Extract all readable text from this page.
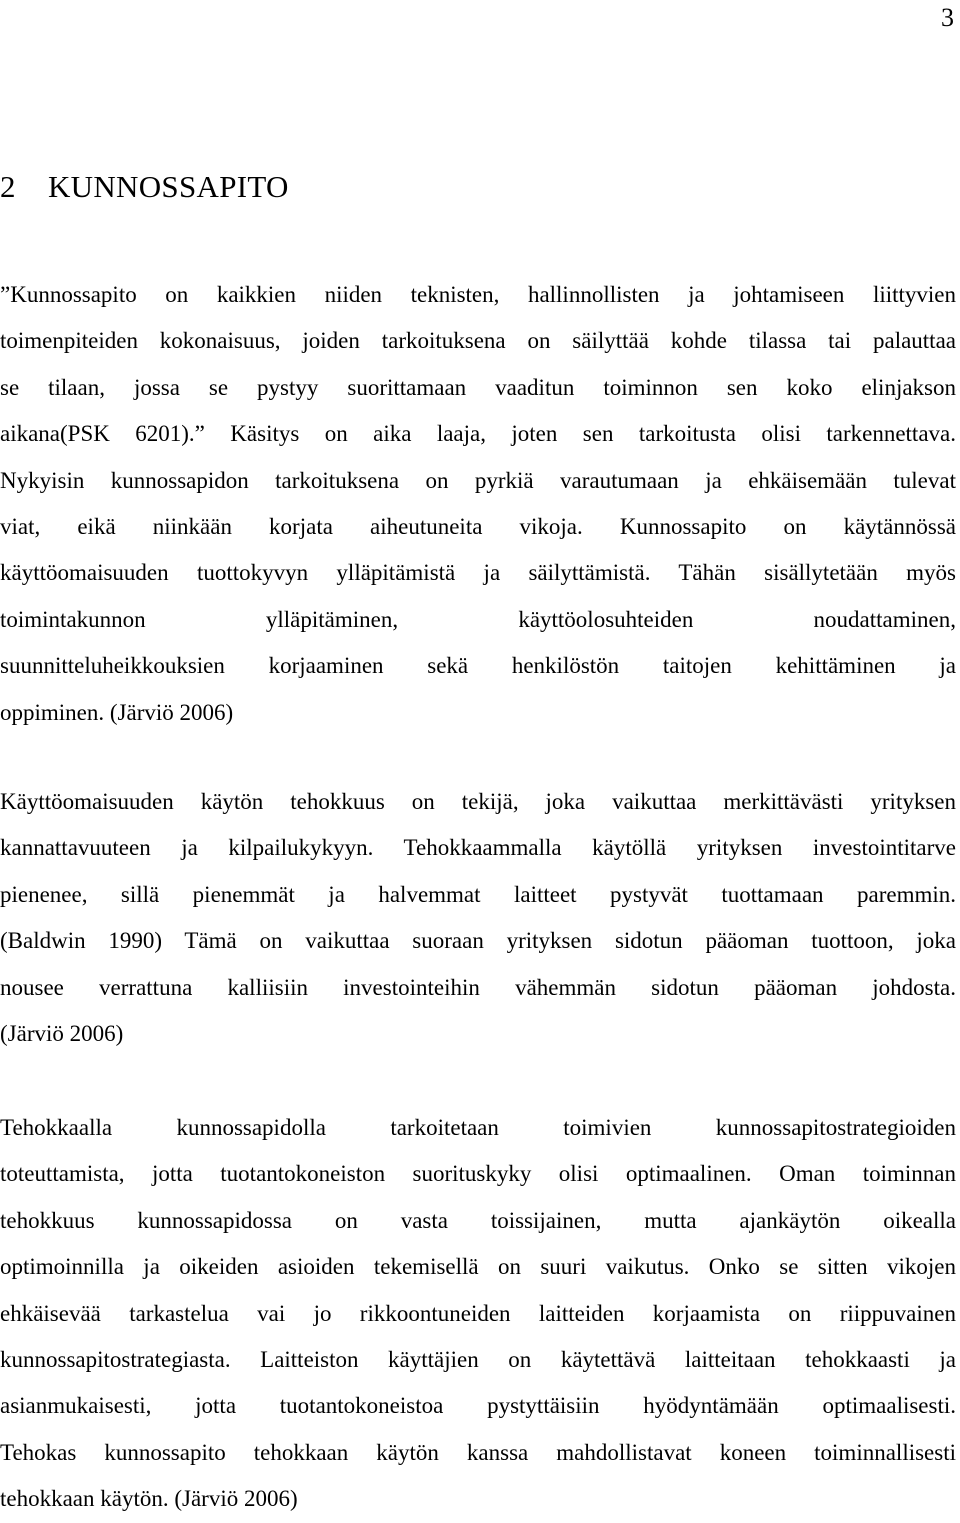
3
2    KUNNOSSAPITO
”Kunnossapito on kaikkien niiden teknisten, hallinnollisten ja johtamiseen liittyvien
toimenpiteiden kokonaisuus, joiden tarkoituksena on säilyttää kohde tilassa tai palauttaa
se tilaan, jossa se pystyy suorittamaan vaaditun toiminnon sen koko elinjakson
aikana(PSK 6201).” Käsitys on aika laaja, joten sen tarkoitusta olisi tarkennettava.
Nykyisin kunnossapidon tarkoituksena on pyrkiä varautumaan ja ehkäisemään tulevat
viat, eikä niinkään korjata aiheutuneita vikoja. Kunnossapito on käytännössä
käyttöomaisuuden tuottokyvyn ylläpitämistä ja säilyttämistä. Tähän sisällytetään myös
toimintakunnon ylläpitäminen, käyttöolosuhteiden noudattaminen,
suunnitteluheikkouksien korjaaminen sekä henkilöstön taitojen kehittäminen ja
oppiminen. (Järviö 2006)
Käyttöomaisuuden käytön tehokkuus on tekijä, joka vaikuttaa merkittävästi yrityksen
kannattavuuteen ja kilpailukykyyn. Tehokkaammalla käytöllä yrityksen investointitarve
pienenee, sillä pienemmät ja halvemmat laitteet pystyvät tuottamaan paremmin.
(Baldwin 1990) Tämä on vaikuttaa suoraan yrityksen sidotun pääoman tuottoon, joka
nousee verrattuna kalliisiin investointeihin vähemmän sidotun pääoman johdosta.
(Järviö 2006)
Tehokkaalla kunnossapidolla tarkoitetaan toimivien kunnossapitostrategioiden
toteuttamista, jotta tuotantokoneiston suorituskyky olisi optimaalinen. Oman toiminnan
tehokkuus kunnossapidossa on vasta toissijainen, mutta ajankäytön oikealla
optimoinnilla ja oikeiden asioiden tekemisellä on suuri vaikutus. Onko se sitten vikojen
ehkäisevää tarkastelua vai jo rikkoontuneiden laitteiden korjaamista on riippuvainen
kunnossapitostrategiasta. Laitteiston käyttäjien on käytettävä laitteitaan tehokkaasti ja
asianmukaisesti, jotta tuotantokoneistoa pystyttäisiin hyödyntämään optimaalisesti.
Tehokas kunnossapito tehokkaan käytön kanssa mahdollistavat koneen toiminnallisesti
tehokkaan käytön. (Järviö 2006)
